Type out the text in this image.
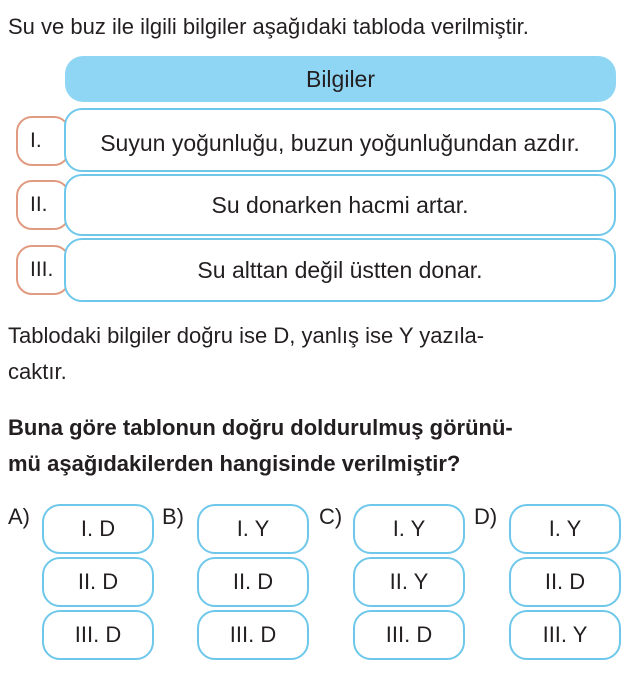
Su ve buz ile ilgili bilgiler aşağıdaki tabloda verilmiştir.
Bilgiler
I.	Suyun yoğunluğu, buzun yoğunluğundan azdır.
II.	Su donarken hacmi artar.
III.	Su alttan değil üstten donar.
Tablodaki bilgiler doğru ise D, yanlış ise Y yazıla-
caktır.
Buna göre tablonun doğru doldurulmuş görünü-
mü aşağıdakilerden hangisinde verilmiştir?
A)	I. D
II. D
III. D
B)	I. Y
II. D
III. D
C)	I. Y
II. Y
III. D
D)	I. Y
II. D
III. Y
